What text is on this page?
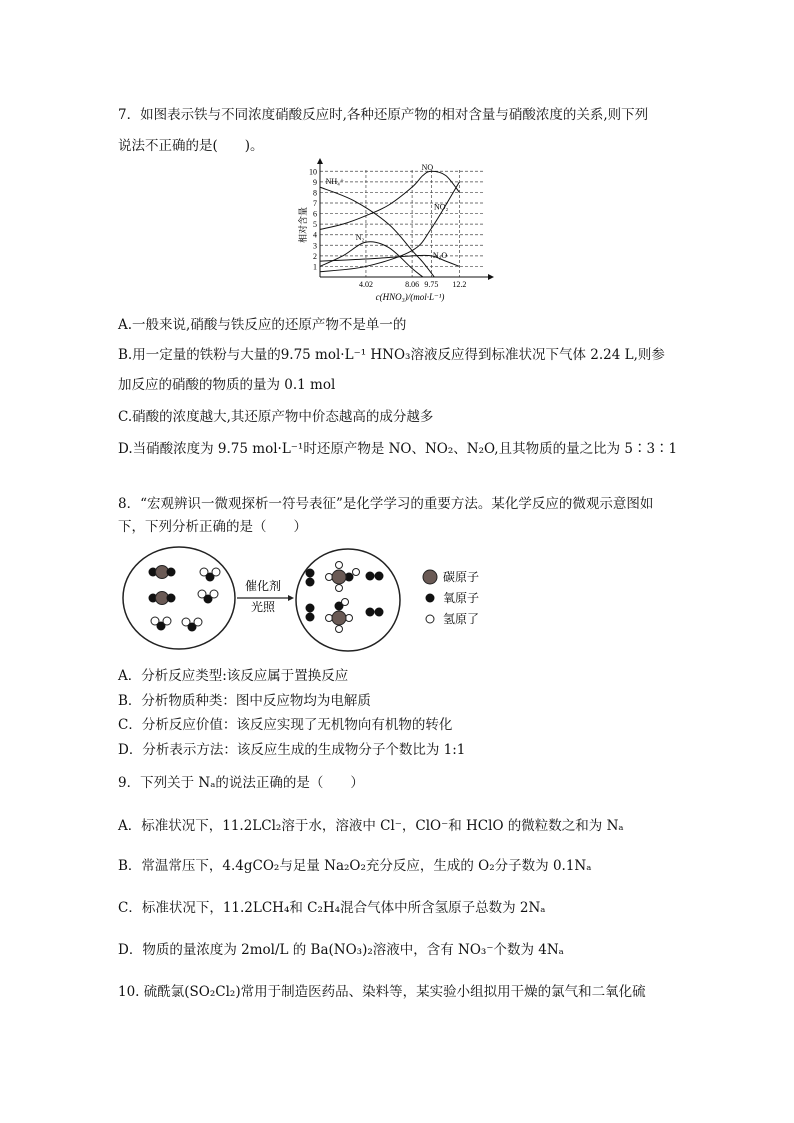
7．如图表示铁与不同浓度硝酸反应时,各种还原产物的相对含量与硝酸浓度的关系,则下列
说法不正确的是(　　)。
1
2
3
4
5
6
7
8
9
10
4.02	8.06 9.75 12.2
NO
NH₄⁺
NO₂
N₂
N₂O
相对含量
c(HNO₃)/(mol·L⁻¹)
A.一般来说,硝酸与铁反应的还原产物不是单一的
B.用一定量的铁粉与大量的9.75 mol·L⁻¹ HNO₃溶液反应得到标准状况下气体 2.24 L,则参
加反应的硝酸的物质的量为 0.1 mol
C.硝酸的浓度越大,其还原产物中价态越高的成分越多
D.当硝酸浓度为 9.75 mol·L⁻¹时还原产物是 NO、NO₂、N₂O,且其物质的量之比为 5∶3∶1
8．“宏观辨识一微观探析一符号表征”是化学学习的重要方法。某化学反应的微观示意图如
下，下列分析正确的是（　　）
催化剂
光照
碳原子
氧原子
氢原了
A．分析反应类型:该反应属于置换反应
B．分析物质种类：图中反应物均为电解质
C．分析反应价值：该反应实现了无机物向有机物的转化
D．分析表示方法：该反应生成的生成物分子个数比为 1:1
9．下列关于 Nₐ的说法正确的是（　　）
A．标准状况下，11.2LCl₂溶于水，溶液中 Cl⁻，ClO⁻和 HClO 的微粒数之和为 Nₐ
B．常温常压下，4.4gCO₂与足量 Na₂O₂充分反应，生成的 O₂分子数为 0.1Nₐ
C．标准状况下，11.2LCH₄和 C₂H₄混合气体中所含氢原子总数为 2Nₐ
D．物质的量浓度为 2mol/L 的 Ba(NO₃)₂溶液中，含有 NO₃⁻个数为 4Nₐ
10. 硫酰氯(SO₂Cl₂)常用于制造医药品、染料等，某实验小组拟用干燥的氯气和二氧化硫
